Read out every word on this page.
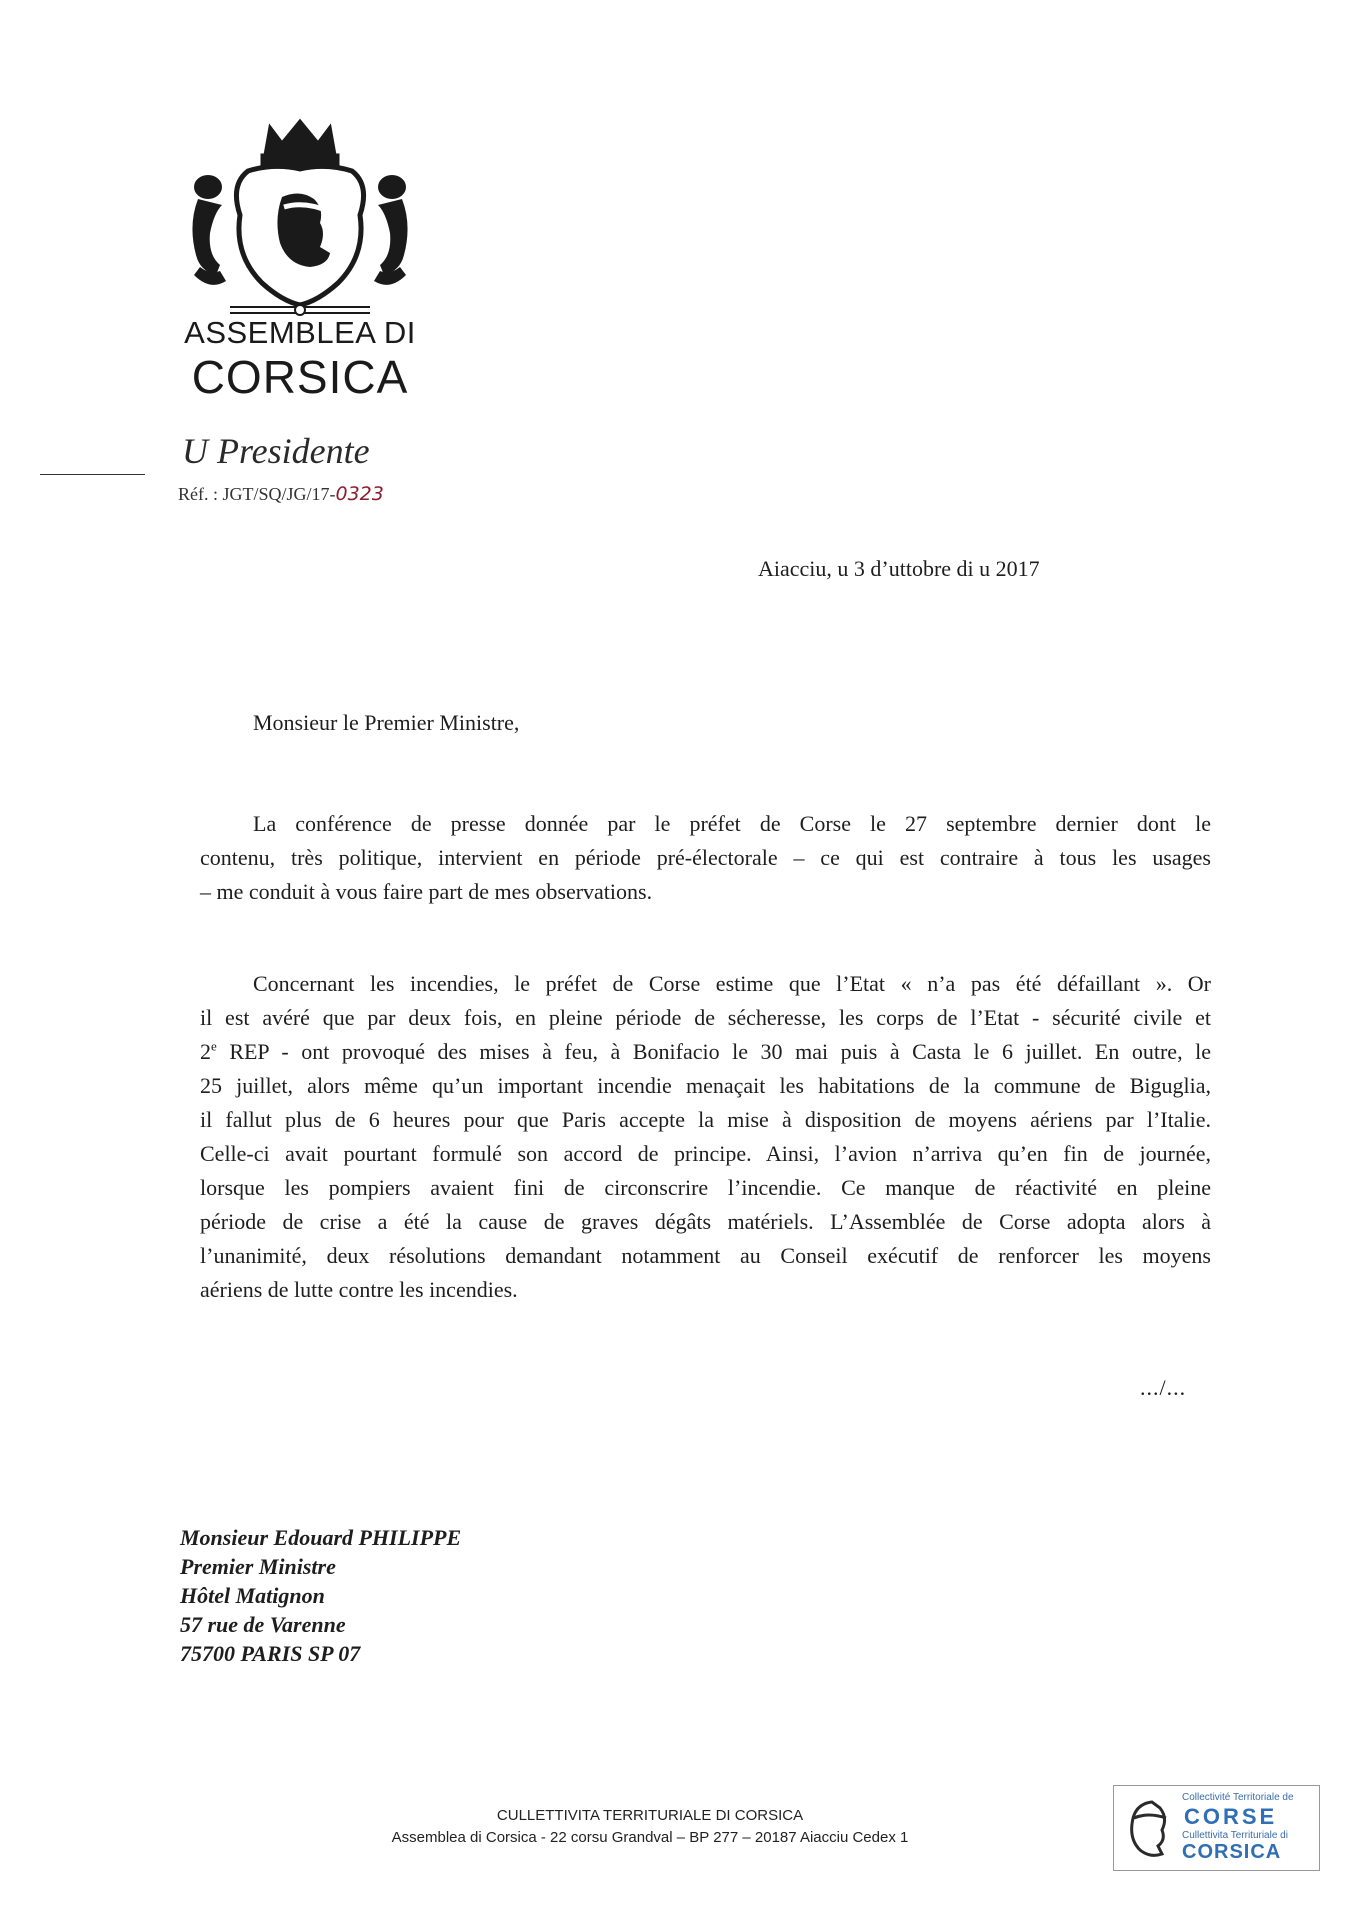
ASSEMBLEA DI
CORSICA
U Presidente
Réf. : JGT/SQ/JG/17-0323
Aiacciu, u 3 d’uttobre di u 2017
Monsieur le Premier Ministre,
La conférence de presse donnée par le préfet de Corse le 27 septembre dernier dont le
contenu, très politique, intervient en période pré-électorale – ce qui est contraire à tous les usages
– me conduit à vous faire part de mes observations.
Concernant les incendies, le préfet de Corse estime que l’Etat « n’a pas été défaillant ». Or
il est avéré que par deux fois, en pleine période de sécheresse, les corps de l’Etat - sécurité civile et
2e REP - ont provoqué des mises à feu, à Bonifacio le 30 mai puis à Casta le 6 juillet. En outre, le
25 juillet, alors même qu’un important incendie menaçait les habitations de la commune de Biguglia,
il fallut plus de 6 heures pour que Paris accepte la mise à disposition de moyens aériens par l’Italie.
Celle-ci avait pourtant formulé son accord de principe. Ainsi, l’avion n’arriva qu’en fin de journée,
lorsque les pompiers avaient fini de circonscrire l’incendie. Ce manque de réactivité en pleine
période de crise a été la cause de graves dégâts matériels. L’Assemblée de Corse adopta alors à
l’unanimité, deux résolutions demandant notamment au Conseil exécutif de renforcer les moyens
aériens de lutte contre les incendies.
.../...
Monsieur Edouard PHILIPPE
Premier Ministre
Hôtel Matignon
57 rue de Varenne
75700 PARIS SP 07
CULLETTIVITA TERRITURIALE DI CORSICA
Assemblea di Corsica - 22 corsu Grandval – BP 277 – 20187 Aiacciu Cedex 1
Collectivité Territoriale de
CORSE
Cullettivita Territuriale di
CORSICA
